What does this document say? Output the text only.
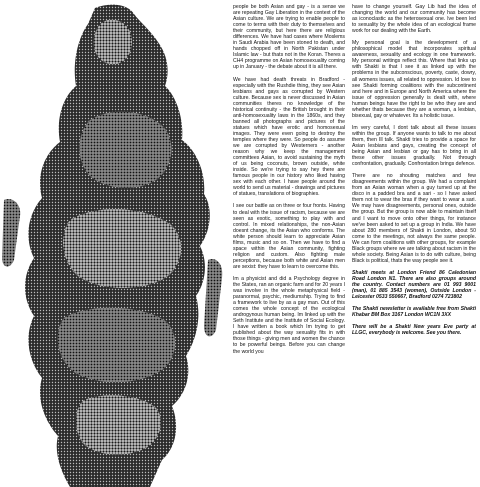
people be both Asian and gay - is a sense we are repeating Gay Liberation in the context of the Asian culture. We are trying to enable people to come to terms with their duty to themselves and their community, but here there are religious differences. We have had cases where Moslems in Saudi Arabia have been stoned to death, and hands chopped off in North Pakistan under Islamic law - but thats not in the Koran. Theres a CH4 programme on Asian homosexuality coming up in January - the debate about it is all there.

We have had death threats in Bradford - especially with the Rushdie thing, they see Asian lesbians and gays as corrupted by Western culture. Because sex is never discussed in Asian communities theres no knowledge of the historical continuity - the British brought in their anti-homosexuality laws in the 1860s, and they banned all photographs and pictures of the statues which have erotic and homosexual images. They were even going to destroy the temples where they were. So people do assume we are corrupted by Westerners - another reason why we keep the management committees Asian, to avoid sustaining the myth of us being coconuts, brown outside, white inside. So we're trying to say hey there are famous people in our history who liked having sex with each other. I have people around the world to send us material - drawings and pictures of statues, translations of biographies.

I see our battle as on three or four fronts. Having to deal with the issue of racism, because we are seen as exotic, something to play with and control. In mixed relationships, the non-Asian doesnt change, its the Asian who conforms. The white person should learn to appreciate Asian films, music and so on. Then we have to find a space within the Asian community, fighting religion and custom. Also fighting male perceptions, because both white and Asian men are sexist: they have to learn to overcome this.

Im a physicist and did a Psychology degree in the States, ran an organic farm and for 20 years I was involve in the whole metaphysical field - paranormal, psychic, mediumship. Trying to find a framework to live by as a gay man. Out of this comes the whole concept of the ecological androgynous human being. Im linked up with the Seth Institute and the Institute of Social Ecology. I have written a book which Im trying to get published about the way sexuality fits in with those things - giving men and women the chance to be powerful beings. Before you can change the world you

have to change yourself. Gay Lib had the idea of changing the world and our community has become as iconoclastic as the heterosexual one. Ive been led to sexuality by the whole idea of an ecological frame work for our dealing with the Earth.

My personal goal is the development of a philosophical model that incorporates spiritual awareness, sexuality and ecology in one framework. My personal writings reflect this. Where that links up with Shakti is that I see it as linked up with the problems in the subconscious, poverty, caste, dowry, all womens issues, all related to oppression. Id love to see Shakti forming coalitions with the subcontinent and here and in Europe and North America where the issue of oppression generally is dealt with, where human beings have the right to be who they are and whether thats because they are a woman, a lesbian, bisexual, gay or whatever. Its a holistic issue.

Im very careful, I dont talk about all these issues within the group. If anyone wants to talk to me about them, then Ill talk. Shakti tries to provide a space for Asian lesbians and gays, creating the concept of being Asian and lesbian or gay has to bring in all these other issues gradually. Not through confrontation, gradually. Confrontation brings defence.

There are no shouting matches and few disagreements within the group. We had a complaint from an Asian woman when a guy turned up at the disco in a padded bra and a sari - so I have asked them not to wear the bras if they want to wear a sari. We may have disagreements, personal ones, outside the group. But the group is now able to maintain itself and I want to move onto other things, for instance we've been asked to set up a group in India. We have about 280 members of Shakti in London, about 50 come to the meetings, not always the same people. We can form coalitions with other groups, for example Black groups where we are talking about racism in the whole society. Being Asian is to do with culture, being Black is political, thats the way people see it.

Shakti meets at London Friend 86 Caledonian Road London N1. There are also groups around the country. Contact numbers are 01 993 9001 (man), 01 885 3543 (women), Outside London - Leicester 0533 550667, Bradford 0274 723802

The Shakti newsletter is available free from Shakti Khabar BM Box 3167 London WC1N 3XX

There will be a Shakti New years Eve party at LLGC, everybody is welcome. See you there.
